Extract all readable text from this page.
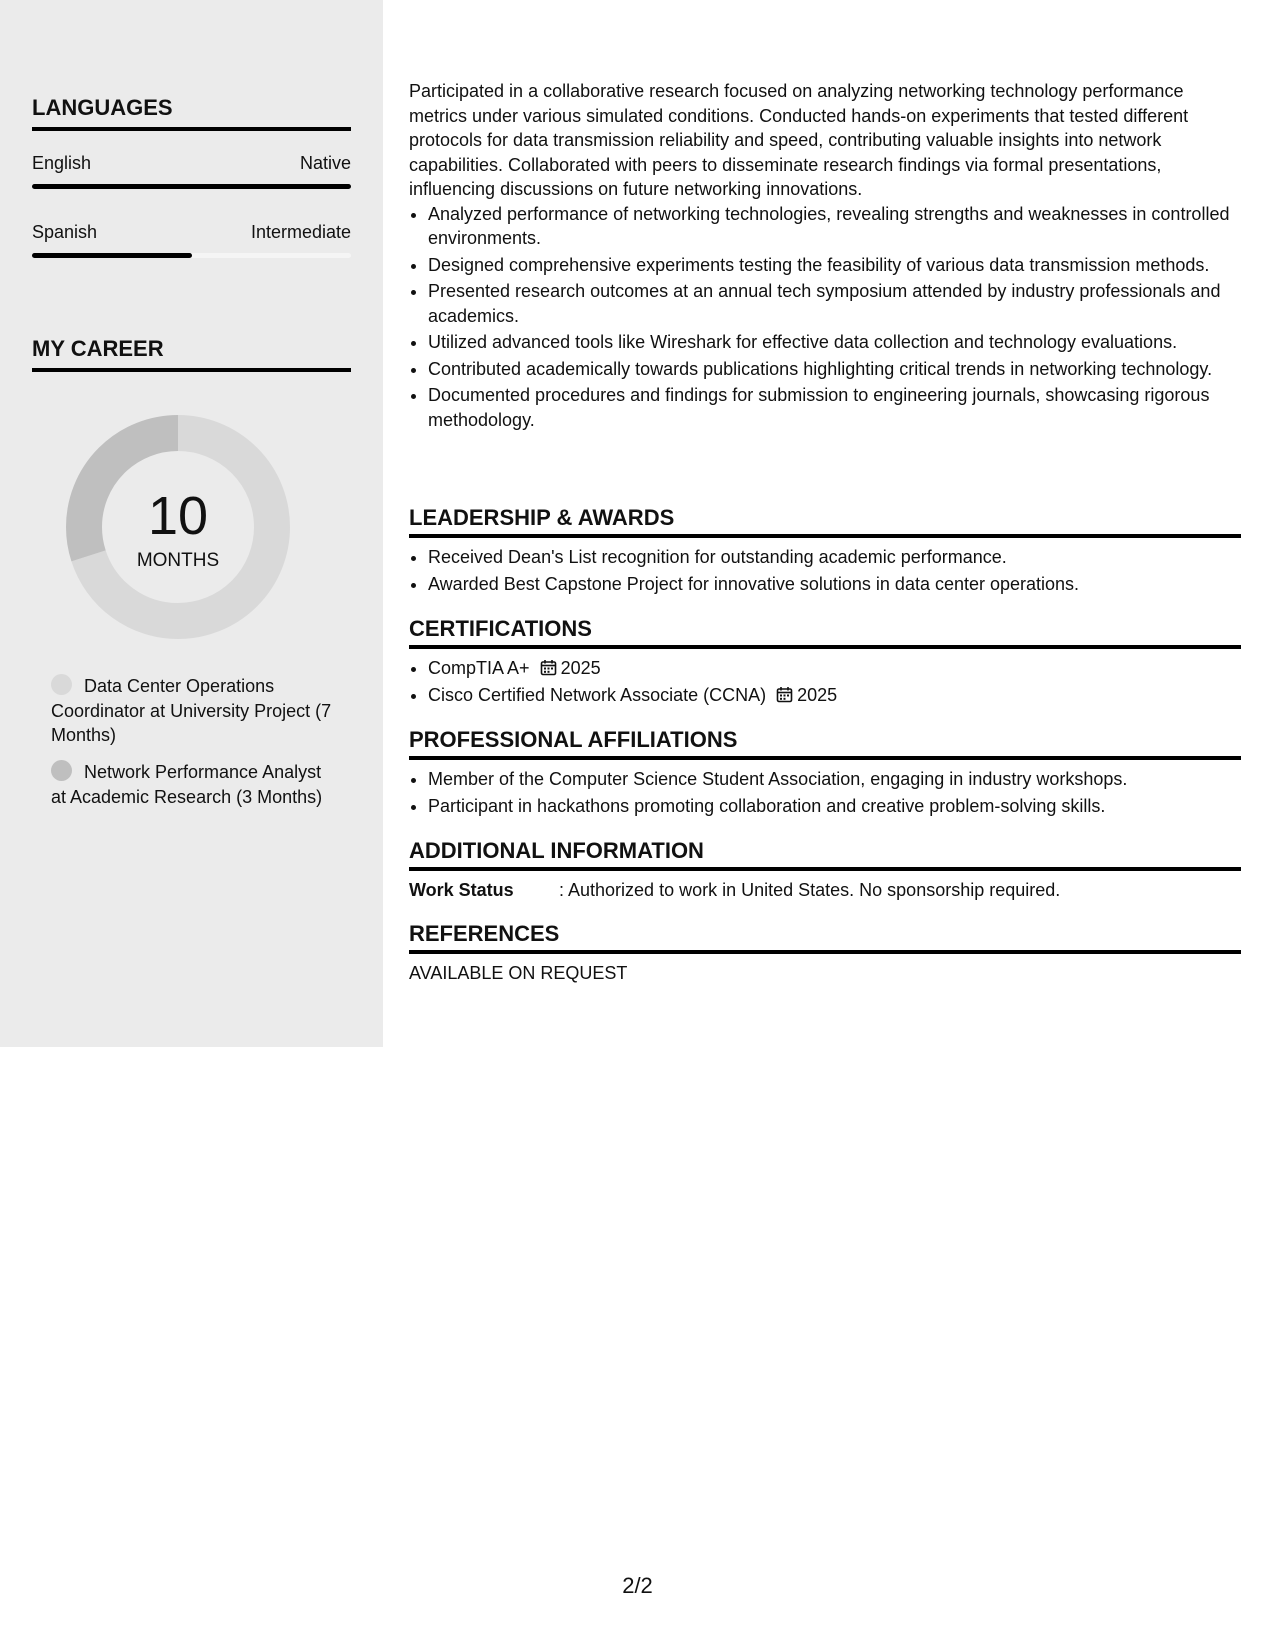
LANGUAGES
English	Native
Spanish	Intermediate
MY CAREER
10
MONTHS
Data Center Operations Coordinator at University Project (7 Months)
Network Performance Analyst at Academic Research (3 Months)
Participated in a collaborative research focused on analyzing networking technology performance metrics under various simulated conditions. Conducted hands-on experiments that tested different protocols for data transmission reliability and speed, contributing valuable insights into network capabilities. Collaborated with peers to disseminate research findings via formal presentations, influencing discussions on future networking innovations.
• Analyzed performance of networking technologies, revealing strengths and weaknesses in controlled environments.
• Designed comprehensive experiments testing the feasibility of various data transmission methods.
• Presented research outcomes at an annual tech symposium attended by industry professionals and academics.
• Utilized advanced tools like Wireshark for effective data collection and technology evaluations.
• Contributed academically towards publications highlighting critical trends in networking technology.
• Documented procedures and findings for submission to engineering journals, showcasing rigorous methodology.
LEADERSHIP & AWARDS
• Received Dean's List recognition for outstanding academic performance.
• Awarded Best Capstone Project for innovative solutions in data center operations.
CERTIFICATIONS
• CompTIA A+ 2025
• Cisco Certified Network Associate (CCNA) 2025
PROFESSIONAL AFFILIATIONS
• Member of the Computer Science Student Association, engaging in industry workshops.
• Participant in hackathons promoting collaboration and creative problem-solving skills.
ADDITIONAL INFORMATION
Work Status	: Authorized to work in United States. No sponsorship required.
REFERENCES
AVAILABLE ON REQUEST
2/2
